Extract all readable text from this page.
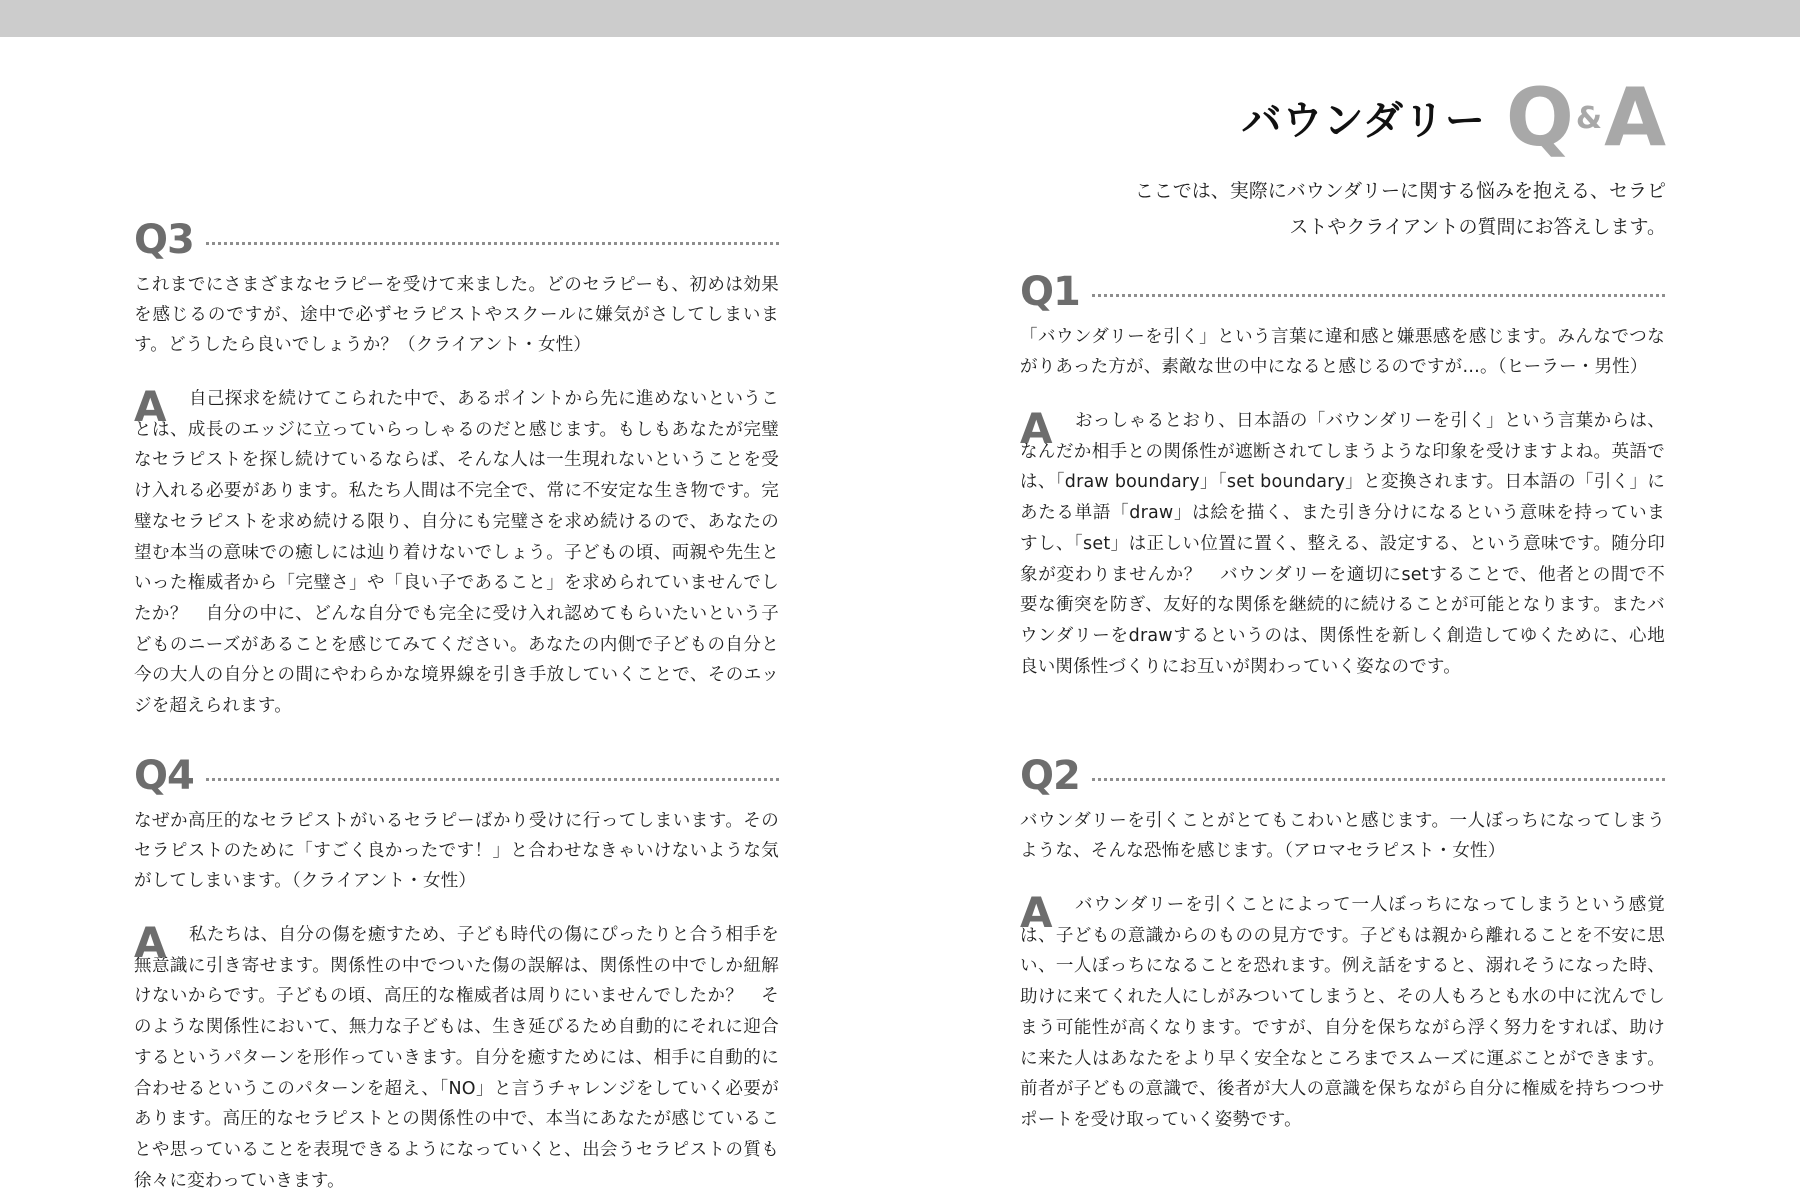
バウンダリー Q & A

ここでは、実際にバウンダリーに関する悩みを抱える、セラピストやクライアントの質問にお答えします。

Q3

これまでにさまざまなセラピーを受けて来ました。どのセラピーも、初めは効果を感じるのですが、途中で必ずセラピストやスクールに嫌気がさしてしまいます。どうしたら良いでしょうか？（クライアント・女性）

A	自己探求を続けてこられた中で、あるポイントから先に進めないということは、成長のエッジに立っていらっしゃるのだと感じます。もしもあなたが完璧なセラピストを探し続けているならば、そんな人は一生現れないということを受け入れる必要があります。私たち人間は不完全で、常に不安定な生き物です。完璧なセラピストを求め続ける限り、自分にも完璧さを求め続けるので、あなたの望む本当の意味での癒しには辿り着けないでしょう。子どもの頃、両親や先生といった権威者から「完璧さ」や「良い子であること」を求められていませんでしたか？　自分の中に、どんな自分でも完全に受け入れ認めてもらいたいという子どものニーズがあることを感じてみてください。あなたの内側で子どもの自分と今の大人の自分との間にやわらかな境界線を引き手放していくことで、そのエッジを超えられます。

Q4

なぜか高圧的なセラピストがいるセラピーばかり受けに行ってしまいます。そのセラピストのために「すごく良かったです！」と合わせなきゃいけないような気がしてしまいます。（クライアント・女性）

A	私たちは、自分の傷を癒すため、子ども時代の傷にぴったりと合う相手を無意識に引き寄せます。関係性の中でついた傷の誤解は、関係性の中でしか紐解けないからです。子どもの頃、高圧的な権威者は周りにいませんでしたか？　そのような関係性において、無力な子どもは、生き延びるため自動的にそれに迎合するというパターンを形作っていきます。自分を癒すためには、相手に自動的に合わせるというこのパターンを超え、「NO」と言うチャレンジをしていく必要があります。高圧的なセラピストとの関係性の中で、本当にあなたが感じていることや思っていることを表現できるようになっていくと、出会うセラピストの質も徐々に変わっていきます。

Q1

「バウンダリーを引く」という言葉に違和感と嫌悪感を感じます。みんなでつながりあった方が、素敵な世の中になると感じるのですが…。（ヒーラー・男性）

A	おっしゃるとおり、日本語の「バウンダリーを引く」という言葉からは、なんだか相手との関係性が遮断されてしまうような印象を受けますよね。英語では、「draw boundary」「set boundary」と変換されます。日本語の「引く」にあたる単語「draw」は絵を描く、また引き分けになるという意味を持っていますし、「set」は正しい位置に置く、整える、設定する、という意味です。随分印象が変わりませんか？　バウンダリーを適切にsetすることで、他者との間で不要な衝突を防ぎ、友好的な関係を継続的に続けることが可能となります。またバウンダリーをdrawするというのは、関係性を新しく創造してゆくために、心地良い関係性づくりにお互いが関わっていく姿なのです。

Q2

バウンダリーを引くことがとてもこわいと感じます。一人ぼっちになってしまうような、そんな恐怖を感じます。（アロマセラピスト・女性）

A	バウンダリーを引くことによって一人ぼっちになってしまうという感覚は、子どもの意識からのものの見方です。子どもは親から離れることを不安に思い、一人ぼっちになることを恐れます。例え話をすると、溺れそうになった時、助けに来てくれた人にしがみついてしまうと、その人もろとも水の中に沈んでしまう可能性が高くなります。ですが、自分を保ちながら浮く努力をすれば、助けに来た人はあなたをより早く安全なところまでスムーズに運ぶことができます。前者が子どもの意識で、後者が大人の意識を保ちながら自分に権威を持ちつつサポートを受け取っていく姿勢です。
